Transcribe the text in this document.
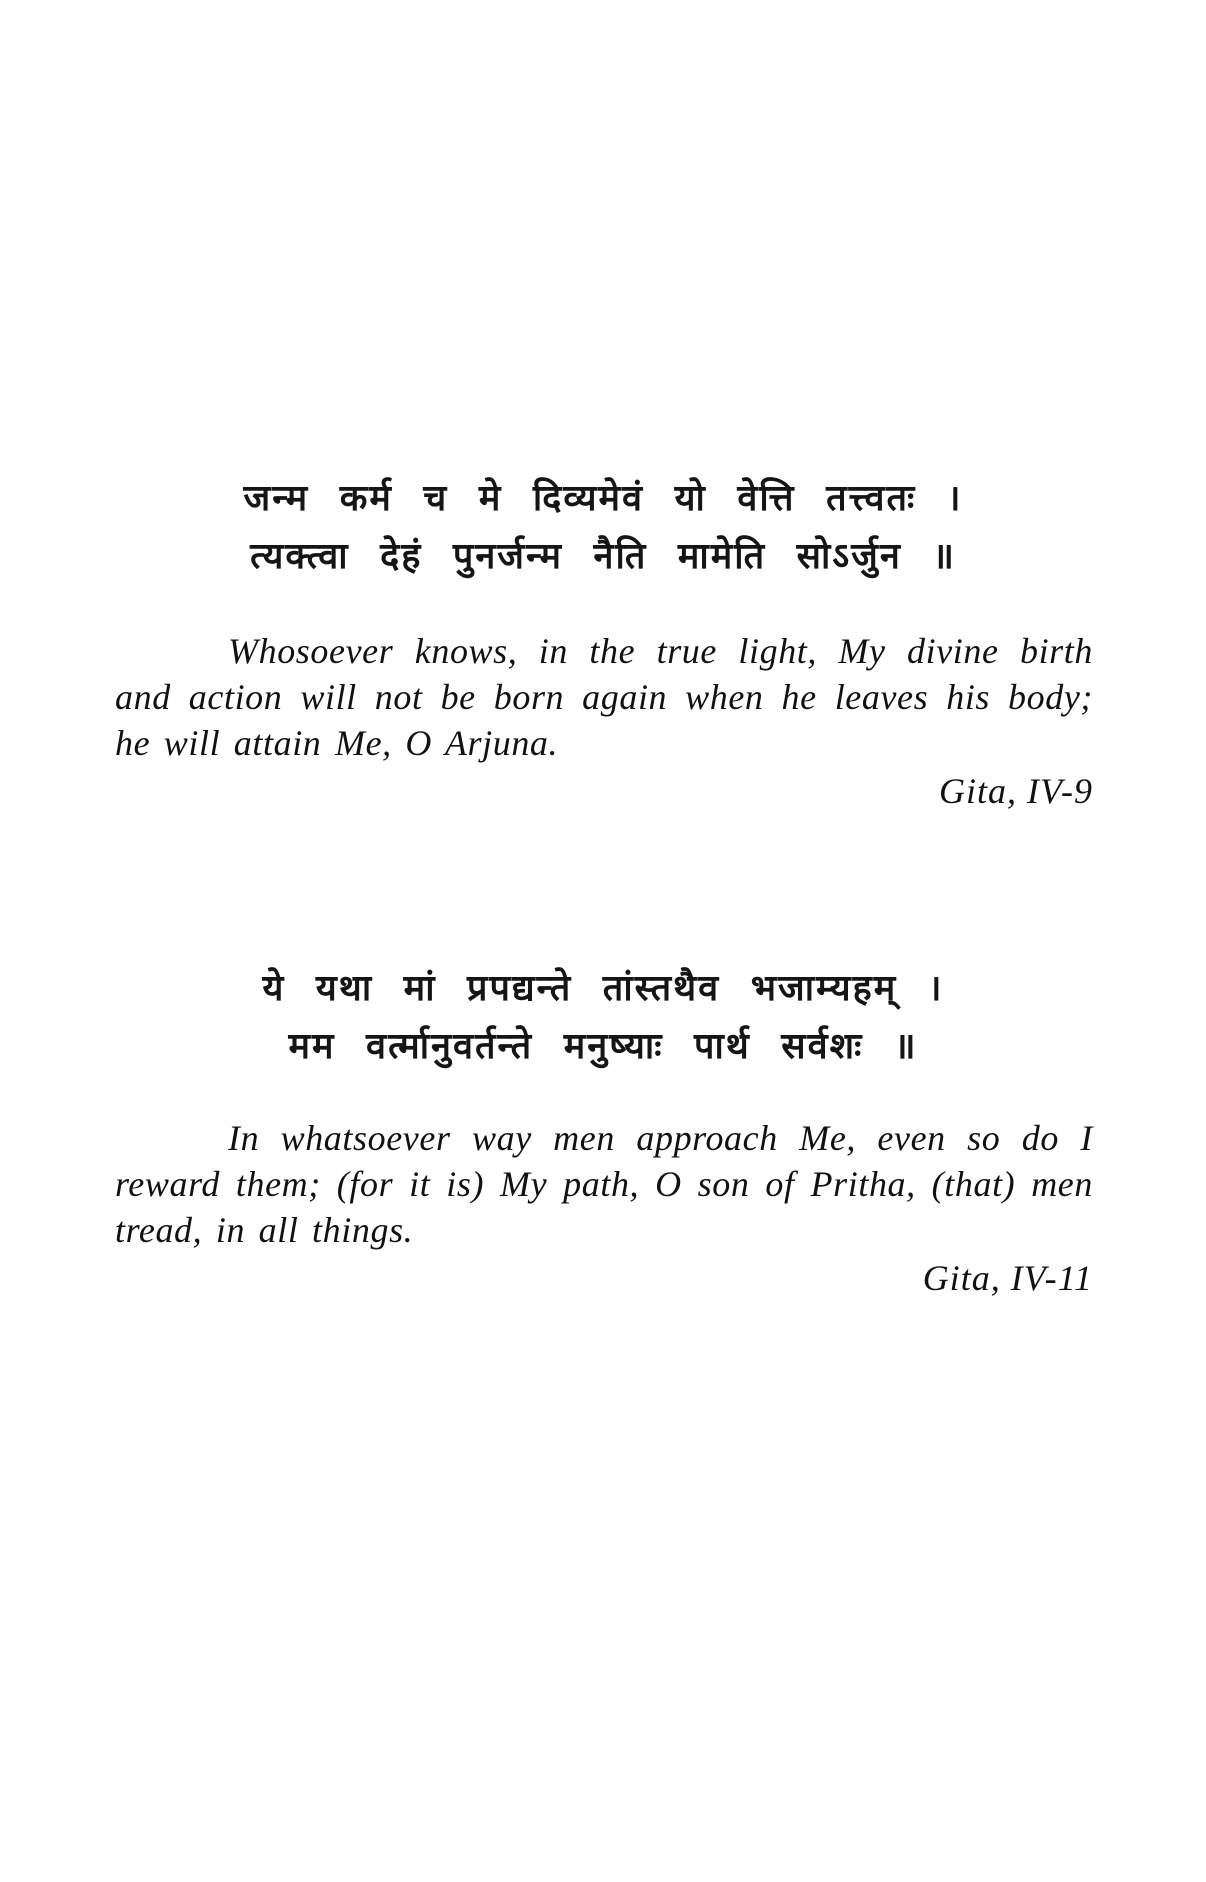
जन्म कर्म च मे दिव्यमेवं यो वेत्ति तत्त्वतः ।
त्यक्त्वा देहं पुनर्जन्म नैति मामेति सोऽर्जुन ॥

Whosoever knows, in the true light, My divine birth and action will not be born again when he leaves his body; he will attain Me, O Arjuna.

Gita, IV-9

ये यथा मां प्रपद्यन्ते तांस्तथैव भजाम्यहम् ।
मम वर्त्मानुवर्तन्ते मनुष्याः पार्थ सर्वशः ॥

In whatsoever way men approach Me, even so do I reward them; (for it is) My path, O son of Pritha, (that) men tread, in all things.

Gita, IV-11
